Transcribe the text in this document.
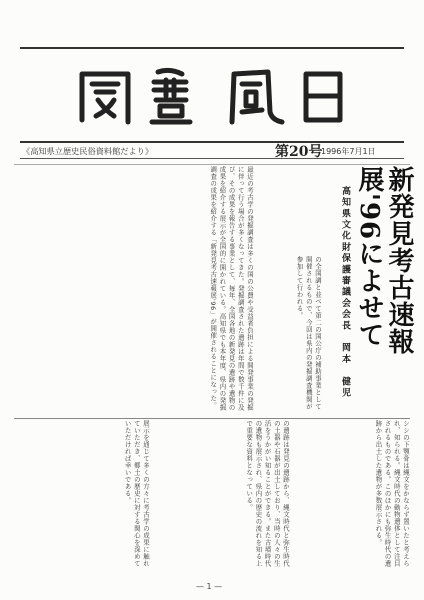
《高知県立歴史民俗資料館だより》	第20号
1996年7月1日
新発見考古速報展'96によせて
高知県文化財保護審議会会長　岡本　健児
の全国調と並べて第二の国公庁の補助事業として開催されるもので、今回は県内の発掘調査機関が参加して行われる。
最近の考古学の発掘調査は多くの国の公費や受益者負担による開発事業の発掘に伴って行う場合が多くなってきた。発掘調査された遺跡は年間で数千件に及び、その成果を報告する事業として、毎年、全国各地の新発見の遺跡や遺物の成果を紹介する展示が全国的に開かれている。高知県でも本年度、県内の発掘調査の成果を紹介する「新発見考古速報展'96」が開催されることになった。
シシの下顎骨は縄文をかならず置いたと考えられ、知られる。縄文時代の動物遺体として注目されるものである。このほかにも弥生時代の遺跡から出土した遺物が多数展示される。
の遺跡は発見の遺跡から、縄文時代と弥生時代の土器や石器が出土しており、当時の人々の生活をうかがい知ることができる。また古墳時代の遺物も展示され、県内の歴史の流れを知る上で重要な資料となっている。
展示を通じて多くの方々に考古学の成果に触れていただき、郷土の歴史に対する関心を深めていただければ幸いである。
— 1 —
